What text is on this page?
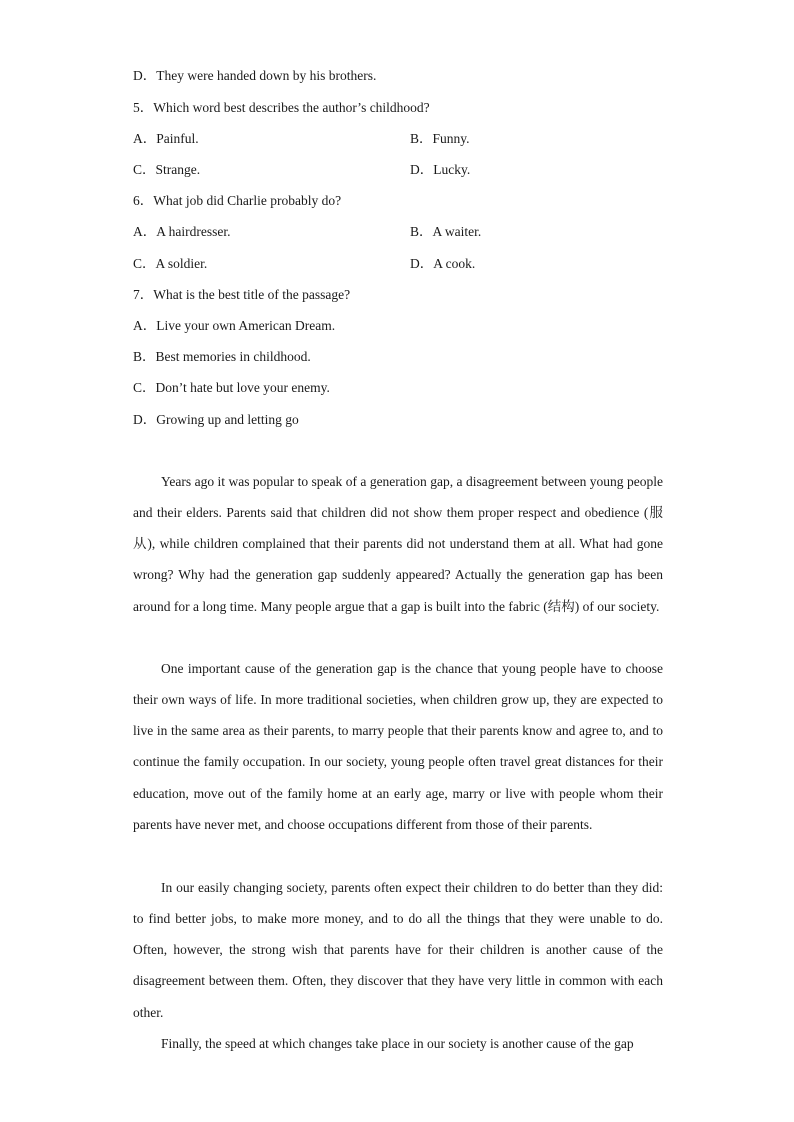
D．They were handed down by his brothers.
5．Which word best describes the author’s childhood?
A．Painful.	B．Funny.
C．Strange.	D．Lucky.
6．What job did Charlie probably do?
A．A hairdresser.	B．A waiter.
C．A soldier.	D．A cook.
7．What is the best title of the passage?
A．Live your own American Dream.
B．Best memories in childhood.
C．Don’t hate but love your enemy.
D．Growing up and letting go
Years ago it was popular to speak of a generation gap, a disagreement between young people and their elders. Parents said that children did not show them proper respect and obedience (服从), while children complained that their parents did not understand them at all. What had gone wrong? Why had the generation gap suddenly appeared? Actually the generation gap has been around for a long time. Many people argue that a gap is built into the fabric (结构) of our society.
One important cause of the generation gap is the chance that young people have to choose their own ways of life. In more traditional societies, when children grow up, they are expected to live in the same area as their parents, to marry people that their parents know and agree to, and to continue the family occupation. In our society, young people often travel great distances for their education, move out of the family home at an early age, marry or live with people whom their parents have never met, and choose occupations different from those of their parents.
In our easily changing society, parents often expect their children to do better than they did: to find better jobs, to make more money, and to do all the things that they were unable to do. Often, however, the strong wish that parents have for their children is another cause of the disagreement between them. Often, they discover that they have very little in common with each other.
Finally, the speed at which changes take place in our society is another cause of the gap
